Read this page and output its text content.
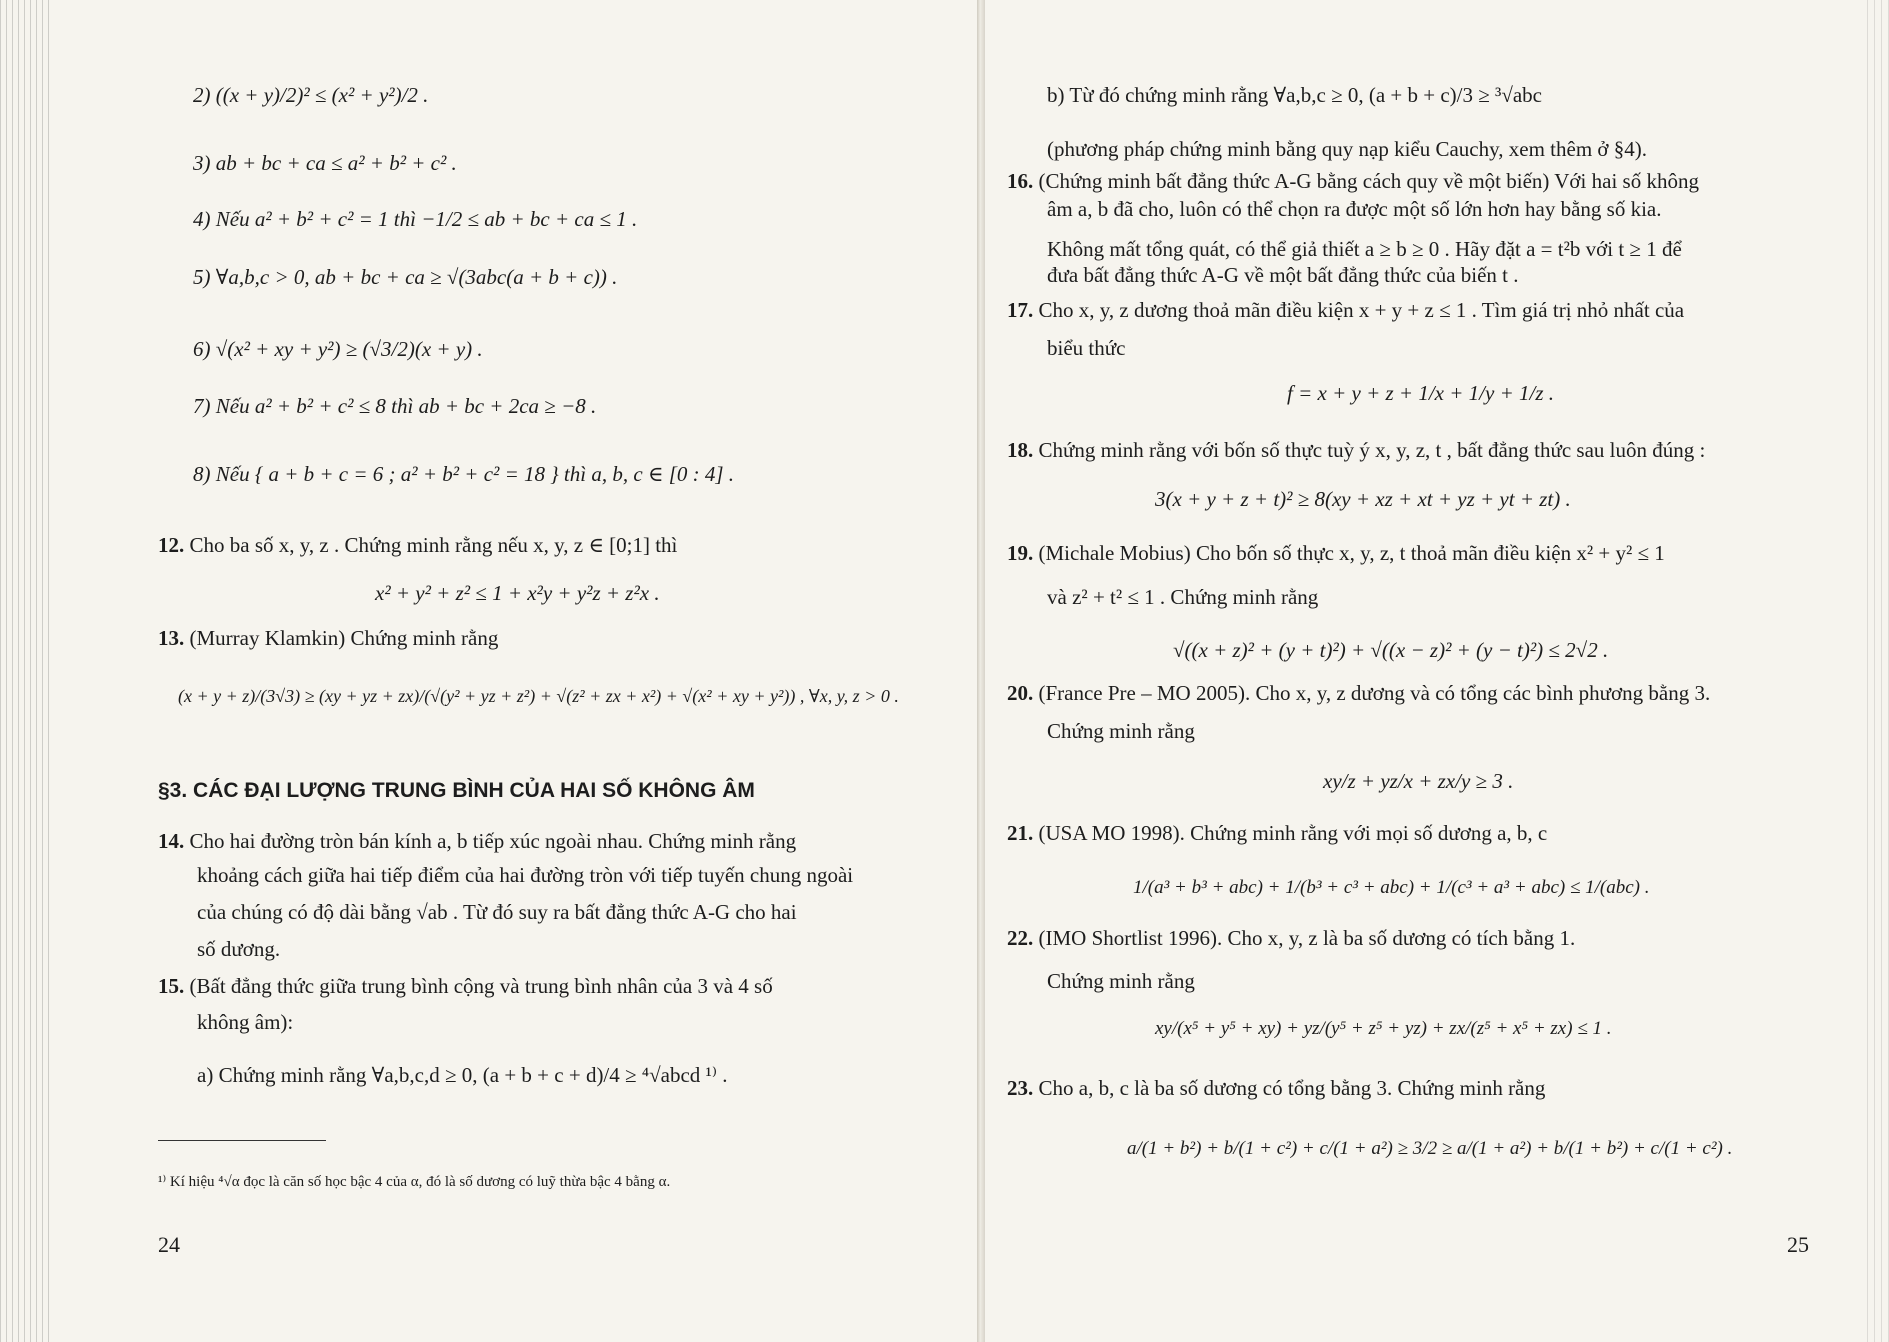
2) ((x + y)/2)² ≤ (x² + y²)/2 .
3) ab + bc + ca ≤ a² + b² + c² .
4) Nếu a² + b² + c² = 1 thì −1/2 ≤ ab + bc + ca ≤ 1 .
5) ∀a,b,c > 0, ab + bc + ca ≥ √(3abc(a + b + c)) .
6) √(x² + xy + y²) ≥ (√3/2)(x + y) .
7) Nếu a² + b² + c² ≤ 8 thì ab + bc + 2ca ≥ −8 .
8) Nếu { a + b + c = 6 ; a² + b² + c² = 18 } thì a, b, c ∈ [0 : 4] .
12. Cho ba số x, y, z . Chứng minh rằng nếu x, y, z ∈ [0;1] thì
x² + y² + z² ≤ 1 + x²y + y²z + z²x .
13. (Murray Klamkin) Chứng minh rằng
(x + y + z)/(3√3) ≥ (xy + yz + zx)/(√(y² + yz + z²) + √(z² + zx + x²) + √(x² + xy + y²)) , ∀x, y, z > 0 .
§3. CÁC ĐẠI LƯỢNG TRUNG BÌNH CỦA HAI SỐ KHÔNG ÂM
14. Cho hai đường tròn bán kính a, b tiếp xúc ngoài nhau. Chứng minh rằng
khoảng cách giữa hai tiếp điểm của hai đường tròn với tiếp tuyến chung ngoài
của chúng có độ dài bằng √ab . Từ đó suy ra bất đẳng thức A-G cho hai
số dương.
15. (Bất đẳng thức giữa trung bình cộng và trung bình nhân của 3 và 4 số
không âm):
a) Chứng minh rằng ∀a,b,c,d ≥ 0, (a + b + c + d)/4 ≥ ⁴√abcd ¹⁾ .
¹⁾ Kí hiệu ⁴√α đọc là căn số học bậc 4 của α, đó là số dương có luỹ thừa bậc 4 bằng α.
24
b) Từ đó chứng minh rằng ∀a,b,c ≥ 0, (a + b + c)/3 ≥ ³√abc
(phương pháp chứng minh bằng quy nạp kiểu Cauchy, xem thêm ở §4).
16. (Chứng minh bất đẳng thức A-G bằng cách quy về một biến) Với hai số không
âm a, b đã cho, luôn có thể chọn ra được một số lớn hơn hay bằng số kia.
Không mất tổng quát, có thể giả thiết a ≥ b ≥ 0 . Hãy đặt a = t²b với t ≥ 1 để
đưa bất đẳng thức A-G về một bất đẳng thức của biến t .
17. Cho x, y, z dương thoả mãn điều kiện x + y + z ≤ 1 . Tìm giá trị nhỏ nhất của
biểu thức
f = x + y + z + 1/x + 1/y + 1/z .
18. Chứng minh rằng với bốn số thực tuỳ ý x, y, z, t , bất đẳng thức sau luôn đúng :
3(x + y + z + t)² ≥ 8(xy + xz + xt + yz + yt + zt) .
19. (Michale Mobius) Cho bốn số thực x, y, z, t thoả mãn điều kiện x² + y² ≤ 1
và z² + t² ≤ 1 . Chứng minh rằng
√((x + z)² + (y + t)²) + √((x − z)² + (y − t)²) ≤ 2√2 .
20. (France Pre – MO 2005). Cho x, y, z dương và có tổng các bình phương bằng 3.
Chứng minh rằng
xy/z + yz/x + zx/y ≥ 3 .
21. (USA MO 1998). Chứng minh rằng với mọi số dương a, b, c
1/(a³ + b³ + abc) + 1/(b³ + c³ + abc) + 1/(c³ + a³ + abc) ≤ 1/(abc) .
22. (IMO Shortlist 1996). Cho x, y, z là ba số dương có tích bằng 1.
Chứng minh rằng
xy/(x⁵ + y⁵ + xy) + yz/(y⁵ + z⁵ + yz) + zx/(z⁵ + x⁵ + zx) ≤ 1 .
23. Cho a, b, c là ba số dương có tổng bằng 3. Chứng minh rằng
a/(1 + b²) + b/(1 + c²) + c/(1 + a²) ≥ 3/2 ≥ a/(1 + a²) + b/(1 + b²) + c/(1 + c²) .
25
